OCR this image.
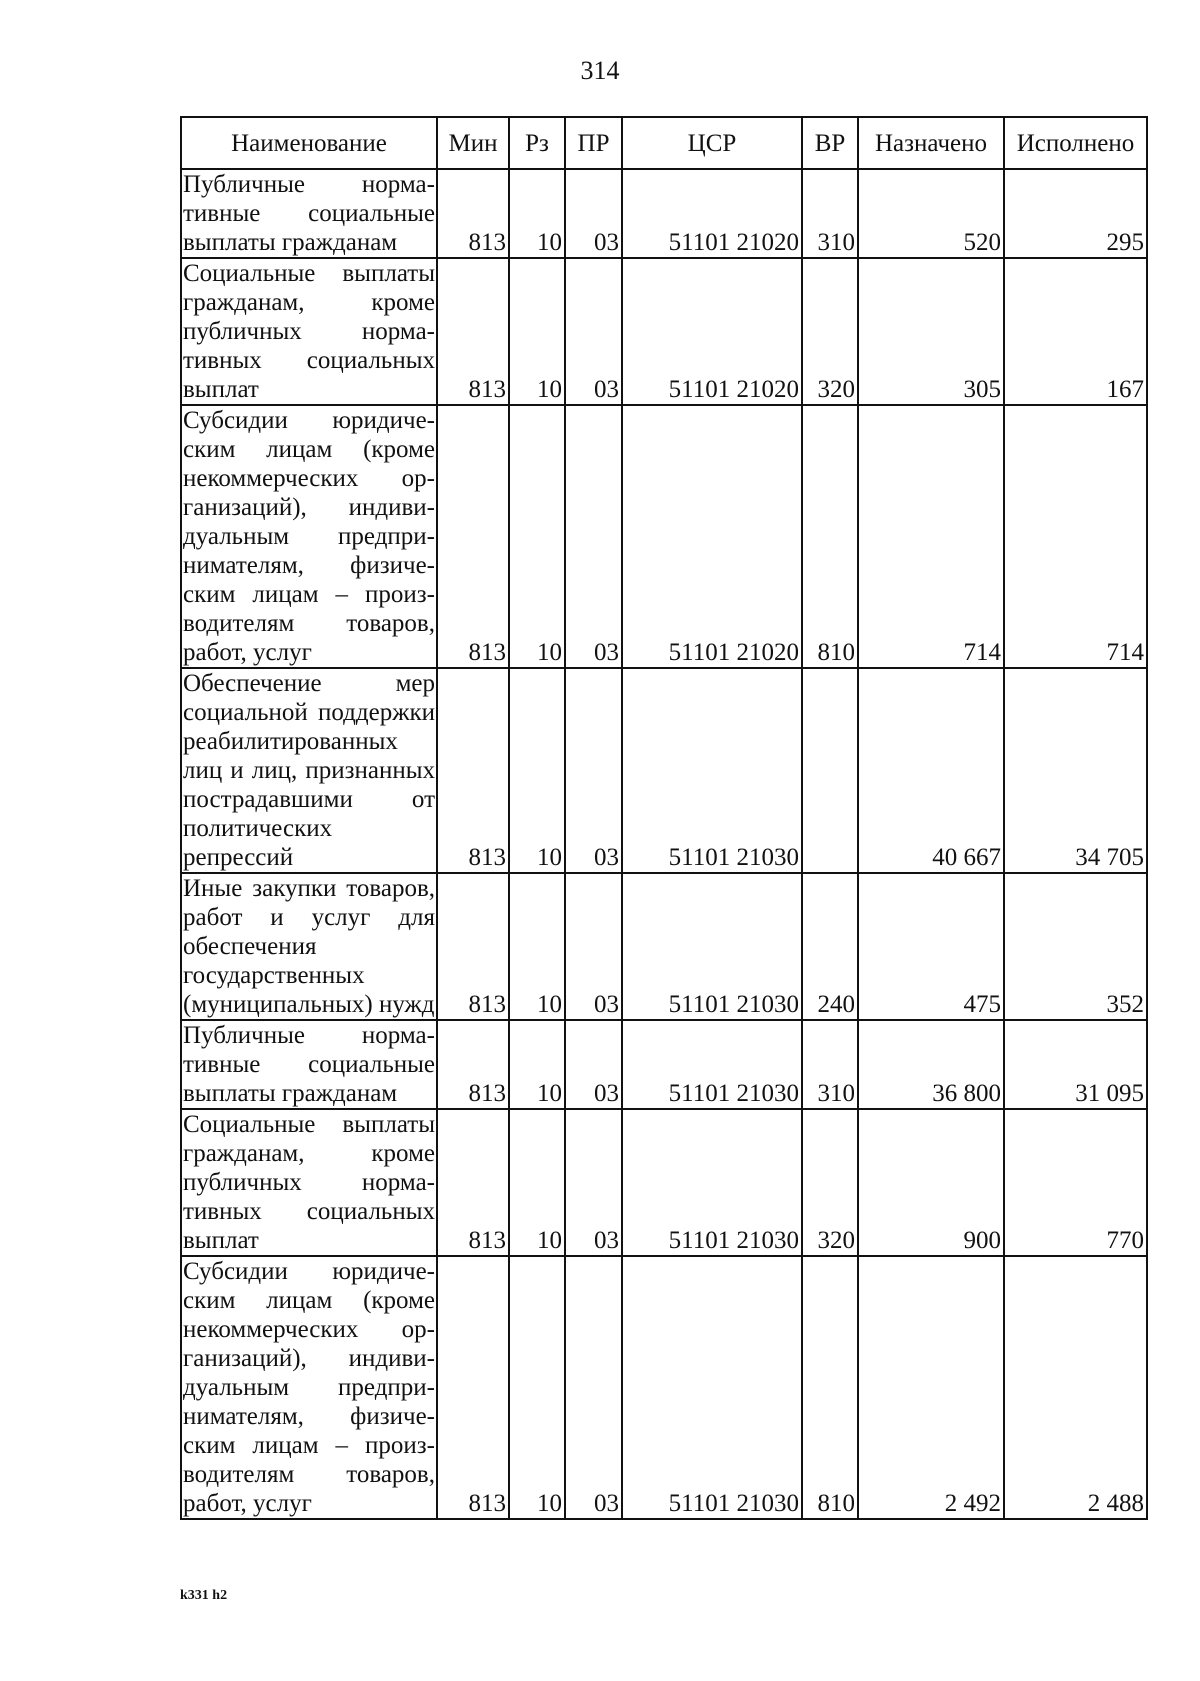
314
Наименование	Мин	Рз	ПР	ЦСР	ВР	Назначено	Исполнено
Публичные нормативные социальные выплаты гражданам	813	10	03	51101 21020	310	520	295
Социальные выплаты гражданам, кроме публичных нормативных социальных выплат	813	10	03	51101 21020	320	305	167
Субсидии юридическим лицам (кроме некоммерческих организаций), индивидуальным предпринимателям, физическим лицам – производителям товаров, работ, услуг	813	10	03	51101 21020	810	714	714
Обеспечение мер социальной поддержки реабилитированных лиц и лиц, признанных пострадавшими от политических репрессий	813	10	03	51101 21030		40 667	34 705
Иные закупки товаров, работ и услуг для обеспечения государственных (муниципальных) нужд	813	10	03	51101 21030	240	475	352
Публичные нормативные социальные выплаты гражданам	813	10	03	51101 21030	310	36 800	31 095
Социальные выплаты гражданам, кроме публичных нормативных социальных выплат	813	10	03	51101 21030	320	900	770
Субсидии юридическим лицам (кроме некоммерческих организаций), индивидуальным предпринимателям, физическим лицам – производителям товаров, работ, услуг	813	10	03	51101 21030	810	2 492	2 488
k331 h2
